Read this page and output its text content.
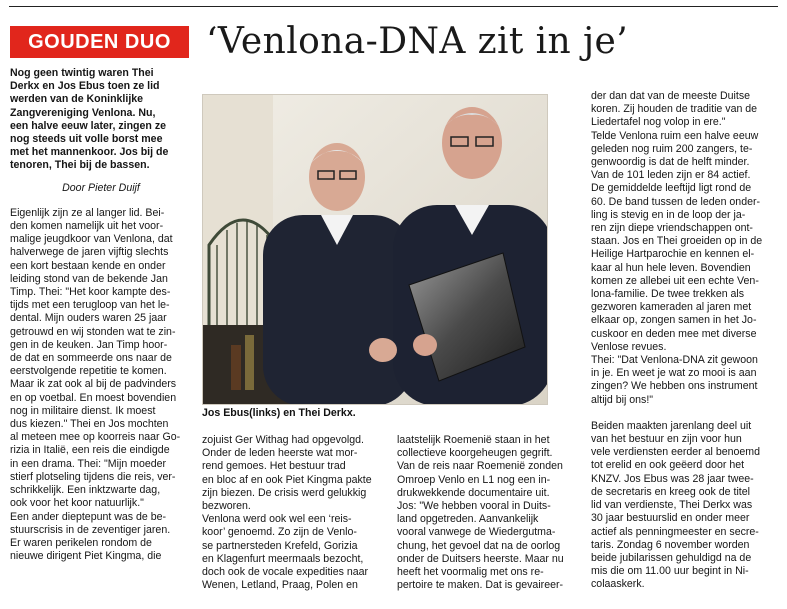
GOUDEN DUO ‘Venlona-DNA zit in je’

Nog geen twintig waren Thei

Derkx en Jos Ebus toen ze lid

werden van de Koninklijke

Zangvereniging Venlona. Nu,

een halve eeuw later, zingen ze

nog steeds uit volle borst mee

met het mannenkoor. Jos bij de

tenoren, Thei bij de bassen.

Door Pieter Duijf

Eigenlijk zijn ze al langer lid. Bei-

den komen namelijk uit het voor-

malige jeugdkoor van Venlona, dat

halverwege de jaren vijftig slechts

een kort bestaan kende en onder

leiding stond van de bekende Jan

Timp. Thei: "Het koor kampte des-

tijds met een terugloop van het le-

dental. Mijn ouders waren 25 jaar

getrouwd en wij stonden wat te zin-

gen in de keuken. Jan Timp hoor-

de dat en sommeerde ons naar de

eerstvolgende repetitie te komen.

Maar ik zat ook al bij de padvinders

en op voetbal. En moest bovendien

nog in militaire dienst. Ik moest

dus kiezen." Thei en Jos mochten

al meteen mee op koorreis naar Go-

rizia in Italië, een reis die eindigde

in een drama. Thei: "Mijn moeder

stierf plotseling tijdens die reis, ver-

schrikkelijk. Een inktzwarte dag,

ook voor het koor natuurlijk."

Een ander dieptepunt was de be-

stuurscrisis in de zeventiger jaren.

Er waren perikelen rondom de

nieuwe dirigent Piet Kingma, die

Jos Ebus(links) en Thei Derkx.

zojuist Ger Withag had opgevolgd.

Onder de leden heerste wat mor-

rend gemoes. Het bestuur trad

en bloc af en ook Piet Kingma pakte

zijn biezen. De crisis werd gelukkig

bezworen.

Venlona werd ook wel een ‘reis-

koor’ genoemd. Zo zijn de Venlo-

se partnersteden Krefeld, Gorizia

en Klagenfurt meermaals bezocht,

doch ook de vocale expedities naar

Wenen, Letland, Praag, Polen en

laatstelijk Roemenië staan in het

collectieve koorgeheugen gegrift.

Van de reis naar Roemenië zonden

Omroep Venlo en L1 nog een in-

drukwekkende documentaire uit.

Jos: "We hebben vooral in Duits-

land opgetreden. Aanvankelijk

vooral vanwege de Wiedergutma-

chung, het gevoel dat na de oorlog

onder de Duitsers heerste. Maar nu

heeft het voormalig met ons re-

pertoire te maken. Dat is gevaireer-

der dan dat van de meeste Duitse

koren. Zij houden de traditie van de

Liedertafel nog volop in ere."

Telde Venlona ruim een halve eeuw

geleden nog ruim 200 zangers, te-

genwoordig is dat de helft minder.

Van de 101 leden zijn er 84 actief.

De gemiddelde leeftijd ligt rond de

60. De band tussen de leden onder-

ling is stevig en in de loop der ja-

ren zijn diepe vriendschappen ont-

staan. Jos en Thei groeiden op in de

Heilige Hartparochie en kennen el-

kaar al hun hele leven. Bovendien

komen ze allebei uit een echte Ven-

lona-familie. De twee trekken als

gezworen kameraden al jaren met

elkaar op, zongen samen in het Jo-

cuskoor en deden mee met diverse

Venlose revues.

Thei: "Dat Venlona-DNA zit gewoon

in je. En weet je wat zo mooi is aan

zingen? We hebben ons instrument

altijd bij ons!"

Beiden maakten jarenlang deel uit

van het bestuur en zijn voor hun

vele verdiensten eerder al benoemd

tot erelid en ook geëerd door het

KNZV. Jos Ebus was 28 jaar twee-

de secretaris en kreeg ook de titel

lid van verdienste, Thei Derkx was

30 jaar bestuurslid en onder meer

actief als penningmeester en secre-

taris. Zondag 6 november worden

beide jubilarissen gehuldigd na de

mis die om 11.00 uur begint in Ni-

colaaskerk.
